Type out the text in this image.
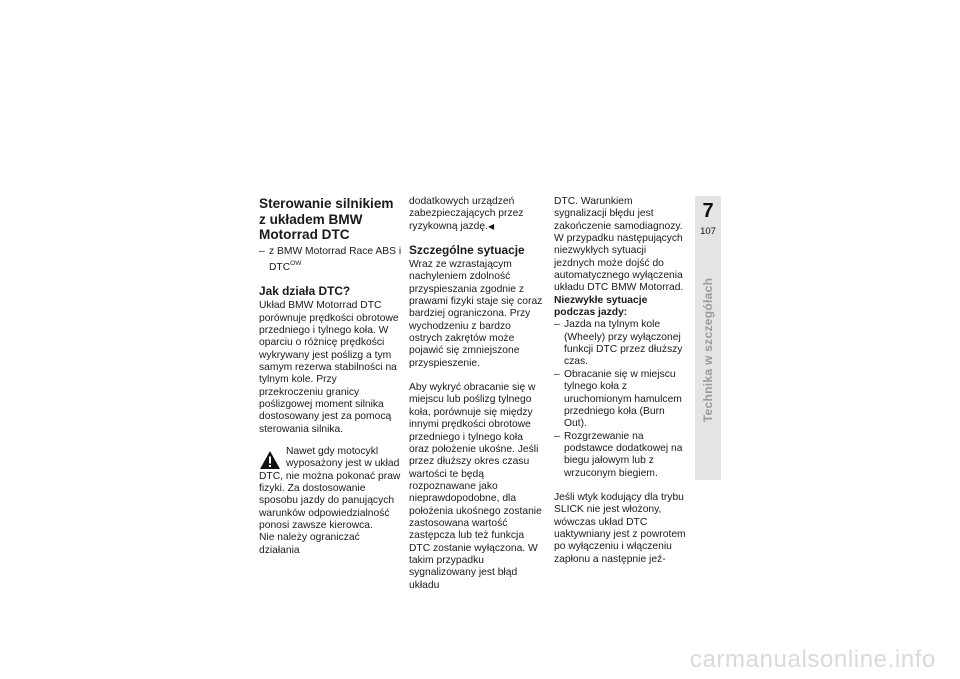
Sterowanie silnikiem z układem BMW Motorrad DTC

– z BMW Motorrad Race ABS i $DTC^{OW}$

Jak działa DTC?

Układ BMW Motorrad DTC porównuje prędkości obrotowe przedniego i tylnego koła. W oparciu o różnicę prędkości wykrywany jest poślizg a tym samym rezerwa stabilności na tylnym kole. Przy przekroczeniu granicy poślizgowej moment silnika dostosowany jest za pomocą sterowania silnika.

Nawet gdy motocykl wyposażony jest w układ DTC, nie można pokonać praw fizyki. Za dostosowanie sposobu jazdy do panujących warunków odpowiedzialność ponosi zawsze kierowca.

Nie należy ograniczać działania

dodatkowych urządzeń zabezpieczających przez ryzykowną jazdę.◀

Szczególne sytuacje

Wraz ze wzrastającym nachyleniem zdolność przyspieszania zgodnie z prawami fizyki staje się coraz bardziej ograniczona. Przy wychodzeniu z bardzo ostrych zakrętów może pojawić się zmniejszone przyspieszenie.

Aby wykryć obracanie się w miejscu lub poślizg tylnego koła, porównuje się między innymi prędkości obrotowe przedniego i tylnego koła oraz położenie ukośne. Jeśli przez dłuższy okres czasu wartości te będą rozpoznawane jako nieprawdopodobne, dla położenia ukośnego zostanie zastosowana wartość zastępcza lub też funkcja DTC zostanie wyłączona. W takim przypadku sygnalizowany jest błąd układu

DTC. Warunkiem sygnalizacji błędu jest zakończenie samodiagnozy.

W przypadku następujących niezwykłych sytuacji jezdnych może dojść do automatycznego wyłączenia układu DTC BMW Motorrad.

Niezwykłe sytuacje podczas jazdy:

– Jazda na tylnym kole (Wheely) przy wyłączonej funkcji DTC przez dłuższy czas.

– Obracanie się w miejscu tylnego koła z uruchomionym hamulcem przedniego koła (Burn Out).

– Rozgrzewanie na podstawce dodatkowej na biegu jałowym lub z wrzuconym biegiem.

Jeśli wtyk kodujący dla trybu SLICK nie jest włożony, wówczas układ DTC uaktywniany jest z powrotem po wyłączeniu i włączeniu zapłonu a następnie jeź-

7
107
Technika w szczegółach
carmanualsonline.info
